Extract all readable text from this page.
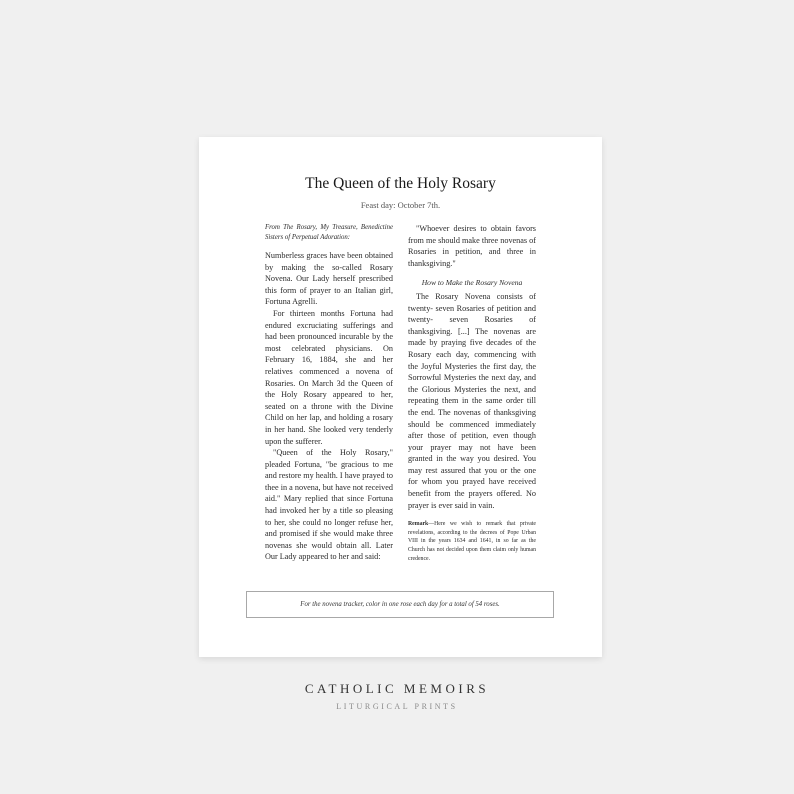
The Queen of the Holy Rosary
Feast day: October 7th.

From The Rosary, My Treasure, Benedictine Sisters of Perpetual Adoration:

Numberless graces have been obtained by making the so-called Rosary Novena. Our Lady herself prescribed this form of prayer to an Italian girl, Fortuna Agrelli.

For thirteen months Fortuna had endured excruciating sufferings and had been pronounced incurable by the most celebrated physicians. On February 16, 1884, she and her relatives commenced a novena of Rosaries. On March 3d the Queen of the Holy Rosary appeared to her, seated on a throne with the Divine Child on her lap, and holding a rosary in her hand. She looked very tenderly upon the sufferer.

"Queen of the Holy Rosary," pleaded Fortuna, "be gracious to me and restore my health. I have prayed to thee in a novena, but have not received aid." Mary replied that since Fortuna had invoked her by a title so pleasing to her, she could no longer refuse her, and promised if she would make three novenas she would obtain all. Later Our Lady appeared to her and said:

"Whoever desires to obtain favors from me should make three novenas of Rosaries in petition, and three in thanksgiving."

How to Make the Rosary Novena

The Rosary Novena consists of twenty- seven Rosaries of petition and twenty- seven Rosaries of thanksgiving. [...] The novenas are made by praying five decades of the Rosary each day, commencing with the Joyful Mysteries the first day, the Sorrowful Mysteries the next day, and the Glorious Mysteries the next, and repeating them in the same order till the end. The novenas of thanksgiving should be commenced immediately after those of petition, even though your prayer may not have been granted in the way you desired. You may rest assured that you or the one for whom you prayed have received benefit from the prayers offered. No prayer is ever said in vain.

Remark—Here we wish to remark that private revelations, according to the decrees of Pope Urban VIII in the years 1634 and 1641, in so far as the Church has not decided upon them claim only human credence.

For the novena tracker, color in one rose each day for a total of 54 roses.
CATHOLIC MEMOIRS
LITURGICAL PRINTS
